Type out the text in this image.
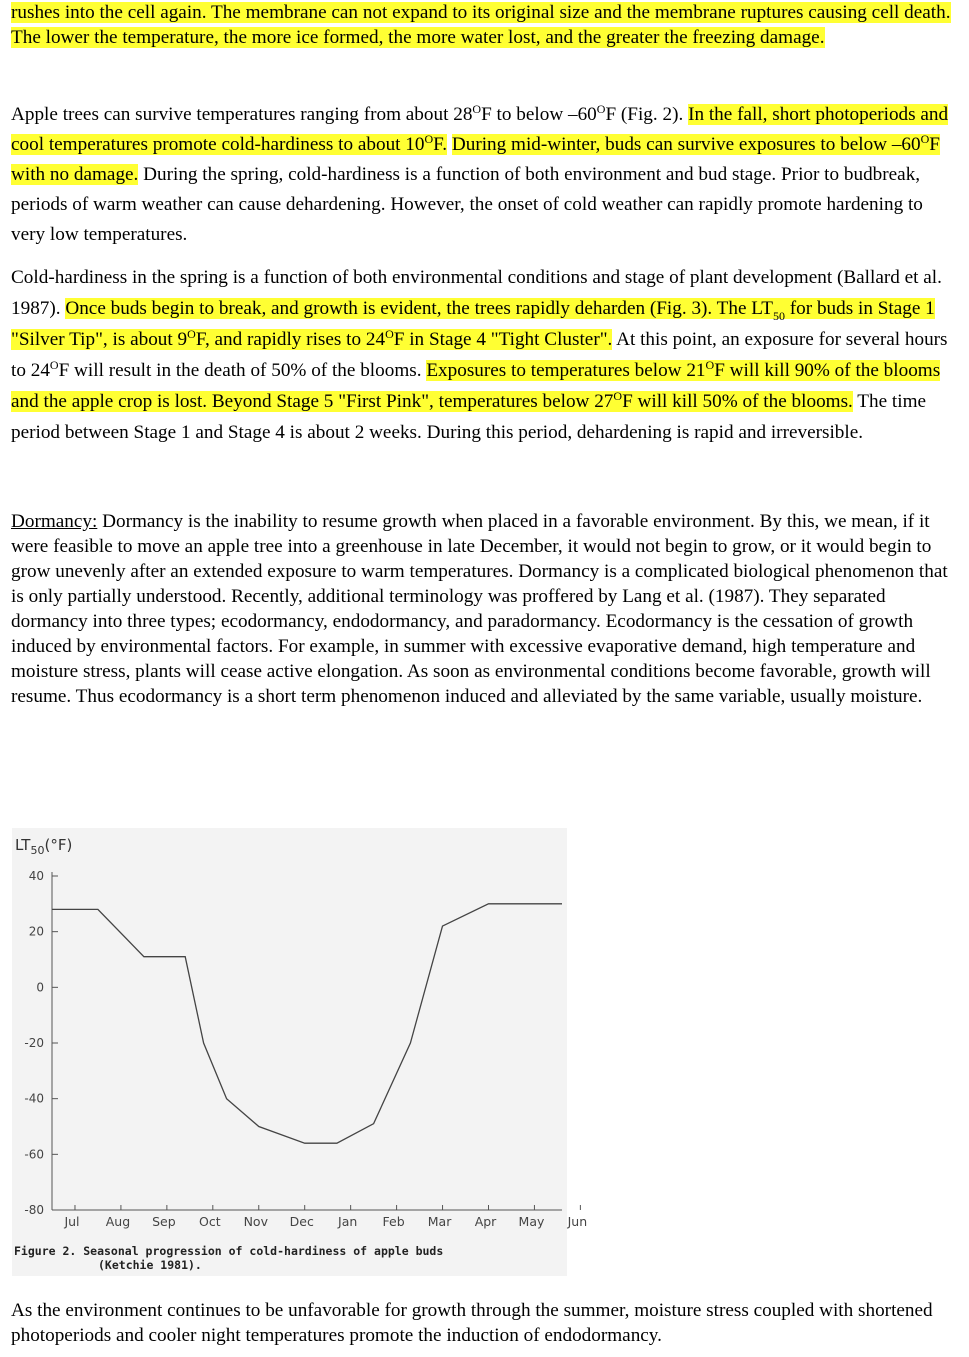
rushes into the cell again. The membrane can not expand to its original size and the membrane ruptures causing cell death. The lower the temperature, the more ice formed, the more water lost, and the greater the freezing damage.

Apple trees can survive temperatures ranging from about $28^OF$ to below $-60^OF$ (Fig. 2). In the fall, short photoperiods and cool temperatures promote cold-hardiness to about $10^OF$. During mid-winter, buds can survive exposures to below $-60^OF$ with no damage. During the spring, cold-hardiness is a function of both environment and bud stage. Prior to budbreak, periods of warm weather can cause dehardening. However, the onset of cold weather can rapidly promote hardening to very low temperatures.

Cold-hardiness in the spring is a function of both environmental conditions and stage of plant development (Ballard et al. 1987). Once buds begin to break, and growth is evident, the trees rapidly deharden (Fig. 3). The $LT_{50}$ for buds in Stage 1 "Silver Tip", is about $9^OF$, and rapidly rises to $24^OF$ in Stage 4 "Tight Cluster". At this point, an exposure for several hours to $24^OF$ will result in the death of 50% of the blooms. Exposures to temperatures below $21^OF$ will kill 90% of the blooms and the apple crop is lost. Beyond Stage 5 "First Pink", temperatures below $27^OF$ will kill 50% of the blooms. The time period between Stage 1 and Stage 4 is about 2 weeks. During this period, dehardening is rapid and irreversible.

Dormancy: Dormancy is the inability to resume growth when placed in a favorable environment. By this, we mean, if it were feasible to move an apple tree into a greenhouse in late December, it would not begin to grow, or it would begin to grow unevenly after an extended exposure to warm temperatures. Dormancy is a complicated biological phenomenon that is only partially understood. Recently, additional terminology was proffered by Lang et al. (1987). They separated dormancy into three types; ecodormancy, endodormancy, and paradormancy. Ecodormancy is the cessation of growth induced by environmental factors. For example, in summer with excessive evaporative demand, high temperature and moisture stress, plants will cease active elongation. As soon as environmental conditions become favorable, growth will resume. Thus ecodormancy is a short term phenomenon induced and alleviated by the same variable, usually moisture.

As the environment continues to be unfavorable for growth through the summer, moisture stress coupled with shortened photoperiods and cooler night temperatures promote the induction of endodormancy.

$LT_{50}(^\circ F)$
40
20
0
-20
-40
-60
-80
Jul Aug Sep Oct Nov Dec Jan Feb Mar Apr May Jun
Figure 2. Seasonal progression of cold-hardiness of apple buds
(Ketchie 1981).
